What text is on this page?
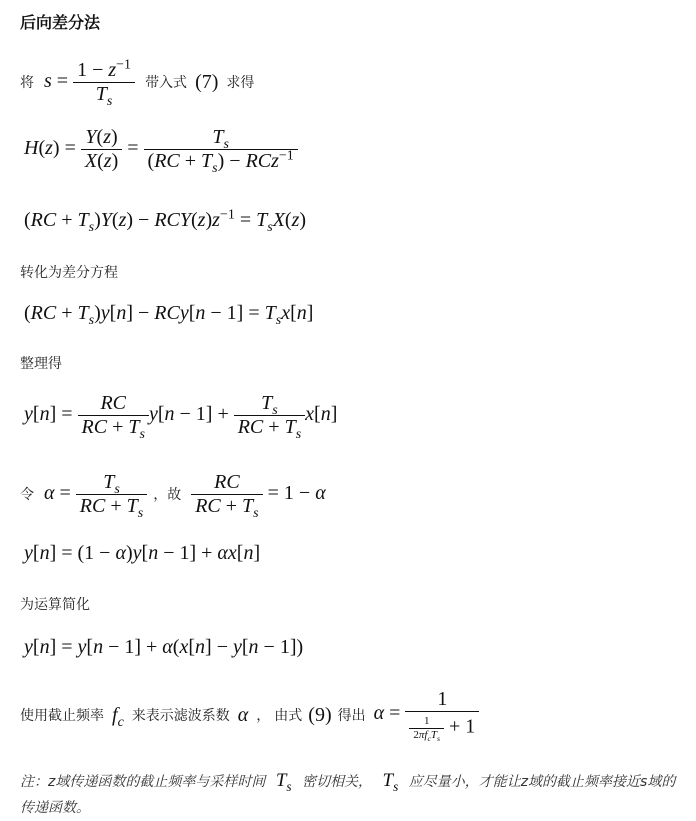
后向差分法
将 $s = \frac{1 - z^{-1}}{T_s}$ 带入式 (7) 求得
$H(z) = \frac{Y(z)}{X(z)} = \frac{T_s}{(RC + T_s) - RCz^{-1}}$
$(RC + T_s)Y(z) - RCY(z)z^{-1} = T_sX(z)$
转化为差分方程
$(RC + T_s)y[n] - RCy[n - 1] = T_sx[n]$
整理得
$y[n] = \frac{RC}{RC + T_s} y[n - 1] + \frac{T_s}{RC + T_s} x[n]$
令 $\alpha = \frac{T_s}{RC + T_s}$ ，故 $\frac{RC}{RC + T_s} = 1 - \alpha$
y[n] = (1 − α)y[n − 1] + αx[n]
为运算简化
y[n] = y[n − 1] + α(x[n] − y[n − 1])
使用截止频率 $f_c$ 来表示滤波系数 α ， 由式 (9) 得出 $\alpha = \frac{1}{\frac{1}{2\pi f_cT_s} + 1}$
注：z域传递函数的截止频率与采样时间 $T_s$ 密切相关， $T_s$ 应尽量小，才能让z域的截止频率接近s域的传递函数。
